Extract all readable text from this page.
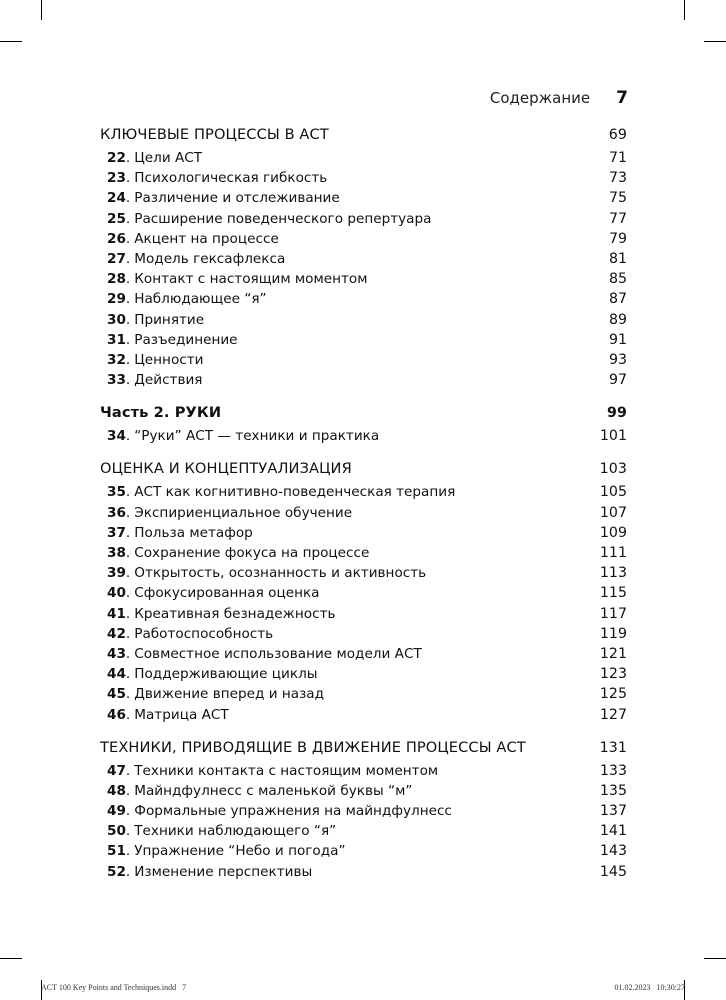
Содержание 7
КЛЮЧЕВЫЕ ПРОЦЕССЫ В АСТ	69
22 . Цели АСТ	71
23 . Психологическая гибкость	73
24 . Различение и отслеживание	75
25 . Расширение поведенческого репертуара	77
26 . Акцент на процессе	79
27 . Модель гексафлекса	81
28 . Контакт с настоящим моментом	85
29 . Наблюдающее “я”	87
30 . Принятие	89
31 . Разъединение	91
32 . Ценности	93
33 . Действия	97
Часть 2. РУКИ	99
34 . “Руки” АСТ — техники и практика	101
ОЦЕНКА И КОНЦЕПТУАЛИЗАЦИЯ	103
35 . АСТ как когнитивно-поведенческая терапия	105
36 . Экспириенциальное обучение	107
37 . Польза метафор	109
38 . Сохранение фокуса на процессе	111
39 . Открытость, осознанность и активность	113
40 . Сфокусированная оценка	115
41 . Креативная безнадежность	117
42 . Работоспособность	119
43 . Совместное использование модели АСТ	121
44 . Поддерживающие циклы	123
45 . Движение вперед и назад	125
46 . Матрица АСТ	127
ТЕХНИКИ, ПРИВОДЯЩИЕ В ДВИЖЕНИЕ ПРОЦЕССЫ АСТ	131
47 . Техники контакта с настоящим моментом	133
48 . Майндфулнесс с маленькой буквы “м”	135
49 . Формальные упражнения на майндфулнесс	137
50 . Техники наблюдающего “я”	141
51 . Упражнение “Небо и погода”	143
52 . Изменение перспективы	145
ACT 100 Key Points and Techniques.indd   7	01.02.2023   10:30:27
